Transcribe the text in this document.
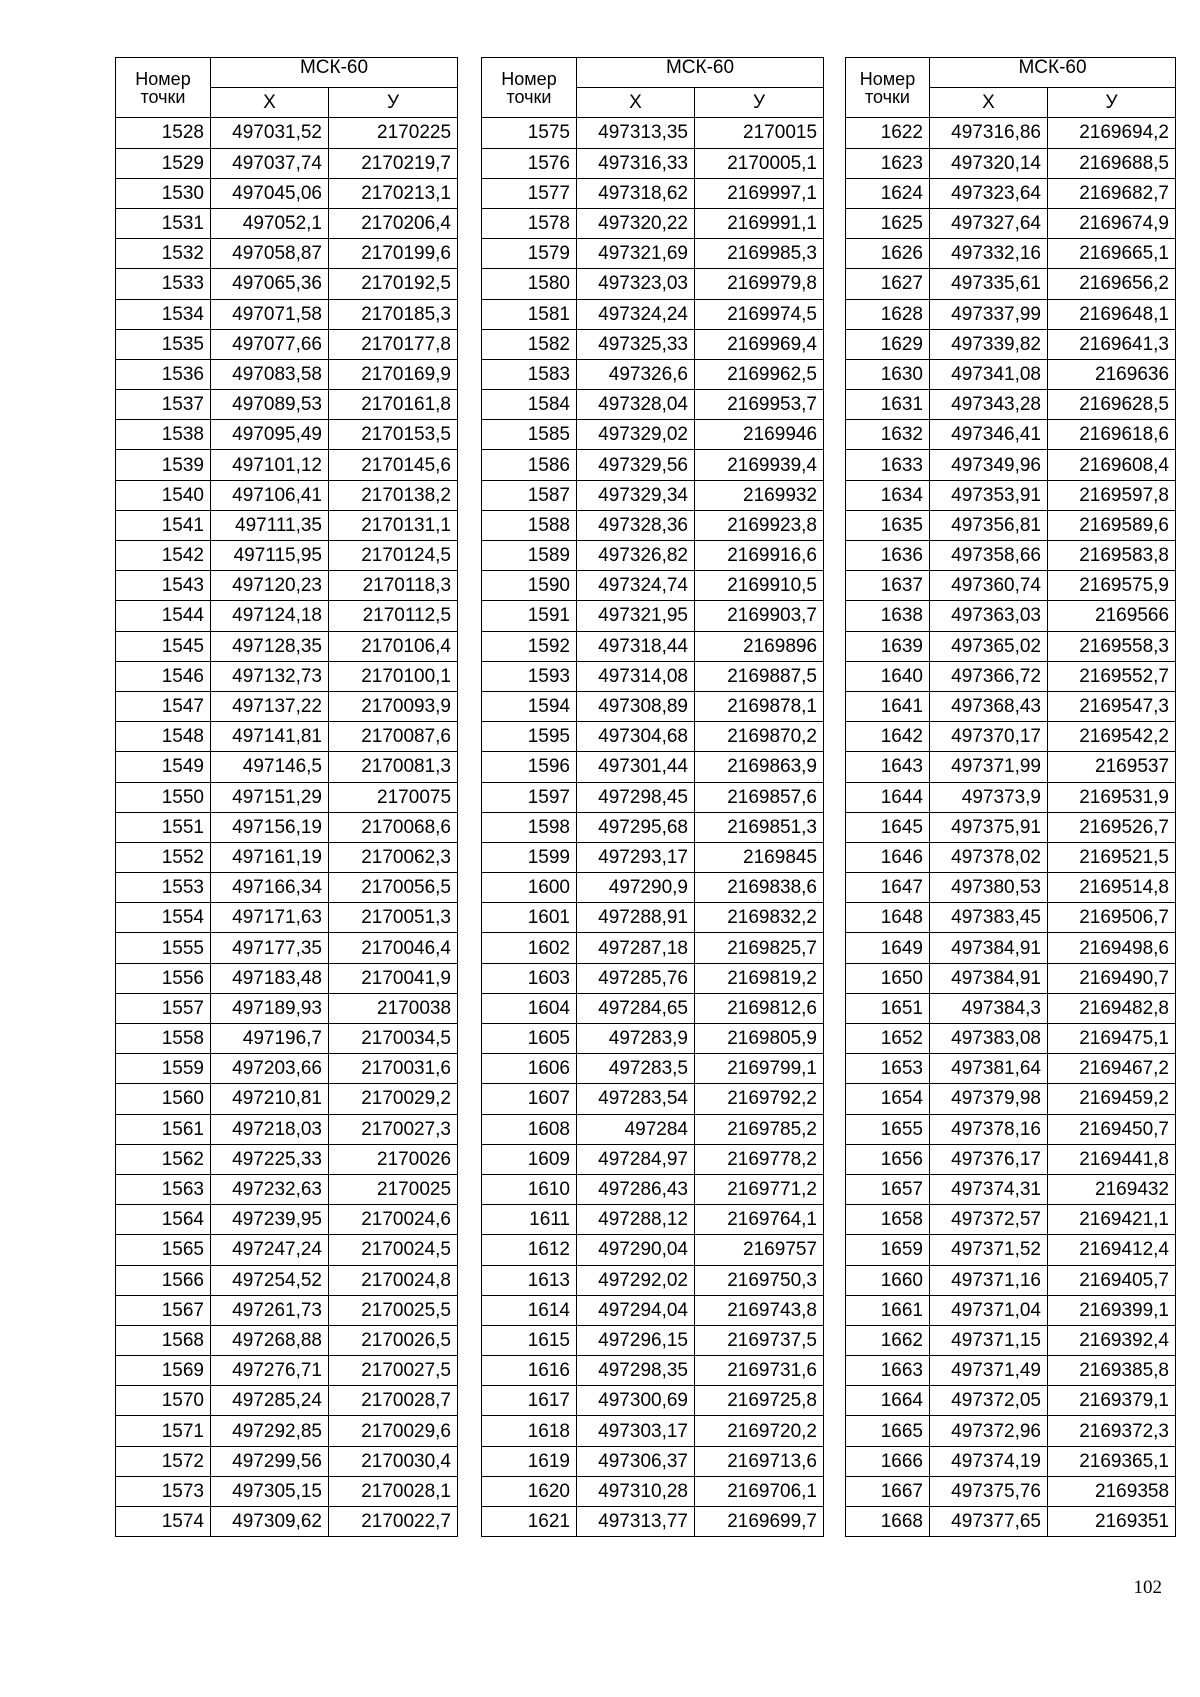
Номер
точки	МСК-60	
	Х	У
1528	497031,52	2170225
1529	497037,74	2170219,7
1530	497045,06	2170213,1
1531	497052,1	2170206,4
1532	497058,87	2170199,6
1533	497065,36	2170192,5
1534	497071,58	2170185,3
1535	497077,66	2170177,8
1536	497083,58	2170169,9
1537	497089,53	2170161,8
1538	497095,49	2170153,5
1539	497101,12	2170145,6
1540	497106,41	2170138,2
1541	497111,35	2170131,1
1542	497115,95	2170124,5
1543	497120,23	2170118,3
1544	497124,18	2170112,5
1545	497128,35	2170106,4
1546	497132,73	2170100,1
1547	497137,22	2170093,9
1548	497141,81	2170087,6
1549	497146,5	2170081,3
1550	497151,29	2170075
1551	497156,19	2170068,6
1552	497161,19	2170062,3
1553	497166,34	2170056,5
1554	497171,63	2170051,3
1555	497177,35	2170046,4
1556	497183,48	2170041,9
1557	497189,93	2170038
1558	497196,7	2170034,5
1559	497203,66	2170031,6
1560	497210,81	2170029,2
1561	497218,03	2170027,3
1562	497225,33	2170026
1563	497232,63	2170025
1564	497239,95	2170024,6
1565	497247,24	2170024,5
1566	497254,52	2170024,8
1567	497261,73	2170025,5
1568	497268,88	2170026,5
1569	497276,71	2170027,5
1570	497285,24	2170028,7
1571	497292,85	2170029,6
1572	497299,56	2170030,4
1573	497305,15	2170028,1
1574	497309,62	2170022,7
Номер
точки	МСК-60	
	Х	У
1575	497313,35	2170015
1576	497316,33	2170005,1
1577	497318,62	2169997,1
1578	497320,22	2169991,1
1579	497321,69	2169985,3
1580	497323,03	2169979,8
1581	497324,24	2169974,5
1582	497325,33	2169969,4
1583	497326,6	2169962,5
1584	497328,04	2169953,7
1585	497329,02	2169946
1586	497329,56	2169939,4
1587	497329,34	2169932
1588	497328,36	2169923,8
1589	497326,82	2169916,6
1590	497324,74	2169910,5
1591	497321,95	2169903,7
1592	497318,44	2169896
1593	497314,08	2169887,5
1594	497308,89	2169878,1
1595	497304,68	2169870,2
1596	497301,44	2169863,9
1597	497298,45	2169857,6
1598	497295,68	2169851,3
1599	497293,17	2169845
1600	497290,9	2169838,6
1601	497288,91	2169832,2
1602	497287,18	2169825,7
1603	497285,76	2169819,2
1604	497284,65	2169812,6
1605	497283,9	2169805,9
1606	497283,5	2169799,1
1607	497283,54	2169792,2
1608	497284	2169785,2
1609	497284,97	2169778,2
1610	497286,43	2169771,2
1611	497288,12	2169764,1
1612	497290,04	2169757
1613	497292,02	2169750,3
1614	497294,04	2169743,8
1615	497296,15	2169737,5
1616	497298,35	2169731,6
1617	497300,69	2169725,8
1618	497303,17	2169720,2
1619	497306,37	2169713,6
1620	497310,28	2169706,1
1621	497313,77	2169699,7
Номер
точки	МСК-60	
	Х	У
1622	497316,86	2169694,2
1623	497320,14	2169688,5
1624	497323,64	2169682,7
1625	497327,64	2169674,9
1626	497332,16	2169665,1
1627	497335,61	2169656,2
1628	497337,99	2169648,1
1629	497339,82	2169641,3
1630	497341,08	2169636
1631	497343,28	2169628,5
1632	497346,41	2169618,6
1633	497349,96	2169608,4
1634	497353,91	2169597,8
1635	497356,81	2169589,6
1636	497358,66	2169583,8
1637	497360,74	2169575,9
1638	497363,03	2169566
1639	497365,02	2169558,3
1640	497366,72	2169552,7
1641	497368,43	2169547,3
1642	497370,17	2169542,2
1643	497371,99	2169537
1644	497373,9	2169531,9
1645	497375,91	2169526,7
1646	497378,02	2169521,5
1647	497380,53	2169514,8
1648	497383,45	2169506,7
1649	497384,91	2169498,6
1650	497384,91	2169490,7
1651	497384,3	2169482,8
1652	497383,08	2169475,1
1653	497381,64	2169467,2
1654	497379,98	2169459,2
1655	497378,16	2169450,7
1656	497376,17	2169441,8
1657	497374,31	2169432
1658	497372,57	2169421,1
1659	497371,52	2169412,4
1660	497371,16	2169405,7
1661	497371,04	2169399,1
1662	497371,15	2169392,4
1663	497371,49	2169385,8
1664	497372,05	2169379,1
1665	497372,96	2169372,3
1666	497374,19	2169365,1
1667	497375,76	2169358
1668	497377,65	2169351
102
